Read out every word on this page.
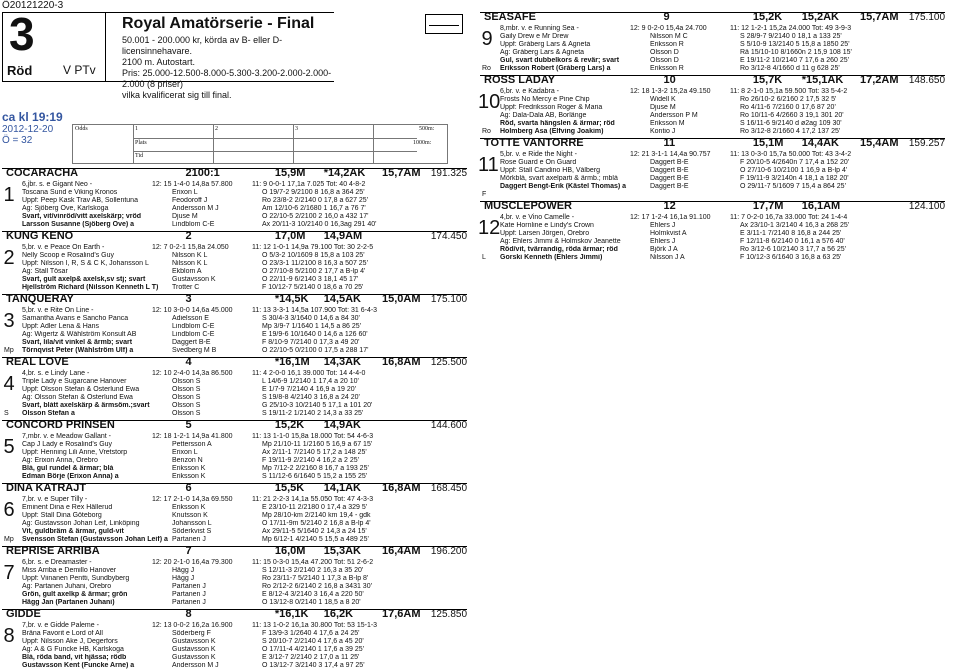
Ö20121220-3
3
Röd	V PTv
Royal Amatörserie - Final
50.001 - 200.000 kr, körda av B- eller D- licensinnehavare.
2100 m. Autostart.
Pris: 25.000-12.500-8.000-5.300-3.200-2.000-2.000-2.000 (8 priser)
vilka kvalificerat sig till final.
ca kl 19:19
2012-12-20
Ö = 32
Odds
Plats
Tid
1	2	3	500m:
1000m:
COCARACHA	2100:1	15,9M	*14,2AK	15,7AM	191.325
1	6,jbr. s. e Gigant Neo -	12: 15 1-4-0 14,8a 57.800	11: 9 0-0-1 17,1a 7.025 Tot: 40 4-8-2
Toscana Sund e Viking Kronos	Erixon L	Ö 19/7-2 9/2100 8 16,8 a 364 25'
Uppf: Peep Kask Trav AB, Sollentuna	Feodoroff J	Ro 23/8-2 2/2140 0 17,8 a 627 25'
Äg: Sjöberg Ove, Karlskoga	Andersson M J	Åm 12/10-6 2/1680 1 16,7 a 76 7'
Svart, vit/vinröd/vitt axelskärp; vröd	Djuse M	Ö 22/10-5 2/2100 2 16,0 a 432 17'
Larsson Susanne (Sjöberg Ove) a	Lindblom C-E	Ax 20/11-3 10/2140 0 16,3ag 291 40'
KUNG KENO	2	17,0M	14,9AM	174.450
2	5,br. v. e Peace On Earth -	12: 7 0-2-1 15,8a 24.050	11: 12 1-0-1 14,9a 79.100 Tot: 30 2-2-5
Nelly Scoop e Rosalind's Guy	Nilsson K L	Ö 5/3-2 10/1609 8 15,8 a 103 25'
Uppf: Nilsson I, R, S & C K, Johansson L	Nilsson K L	Ö 23/3-1 11/2100 8 16,3 a 507 25'
Äg: Stall Tösar	Ekblom A	Ö 27/10-8 5/2100 2 17,7 a B-lp 4'
Svart, gult axelp& axelsk,sv stj; svart	Gustavsson K	Ö 22/11-9 6/2140 3 18,1 45 17'
Hjellström Richard (Nilsson Kenneth L T)	Trotter C	F 10/12-7 5/2140 0 18,6 a 70 25'
TANQUERAY	3	*14,5K	14,5AK	15,0AM	175.100
3	5,br. v. e Rite On Line -	12: 10 3-0-0 14,6a 45.000	11: 13 3-3-1 14,5a 107.900 Tot: 31 6-4-3
Samantha Avans e Sancho Panca	Adielsson E	S 30/4-3 3/1640 0 14,6 a 84 30'
Uppf: Adler Lena & Hans	Lindblom C-E	Mp 3/9-7 1/1640 1 14,5 a 86 25'
Äg: Wigertz & Wåhlström Konsult AB	Lindblom C-E	E 19/9-6 10/1640 0 14,6 a 126 60'
Svart, lila/vit vinkel & ärmb; svart	Daggert B-E	F 8/10-9 7/2140 0 17,3 a 49 20'
Törnqvist Peter (Wåhlström Ulf) a	Svedberg M B	Ö 22/10-5 0/2100 0 17,5 a 288 17'
Mp
REAL LOVE	4	*16,1M	14,3AK	16,8AM	125.500
4	4,br. s. e Lindy Lane -	12: 10 2-4-0 14,3a 86.500	11: 4 2-0-0 16,1 39.000 Tot: 14 4-4-0
Triple Lady e Sugarcane Hanover	Olsson S	L 14/6-9 1/2140 1 17,4 a 20 10'
Uppf: Olsson Stefan & Österlund Ewa	Olsson S	E 1/7-9 7/2140 4 16,9 a 19 20'
Äg: Olsson Stefan & Österlund Ewa	Olsson S	S 19/8-8 4/2140 3 16,8 a 24 20'
Svart, blått axelskärp & ärmsöm.;svart	Olsson S	G 25/10-3 10/2140 5 17,1 a 101 20'
Olsson Stefan a	Olsson S	S 19/11-2 1/2140 2 14,3 a 33 25'
S
CONCORD PRINSEN	5	15,2K	14,9AK	144.600
5	7,mbr. v. e Meadow Gallant -	12: 18 1-2-1 14,9a 41.800	11: 13 1-1-0 15,8a 18.000 Tot: 54 4-6-3
Cap J Lady e Rosalind's Guy	Pettersson A	Mp 21/10-11 1/2160 5 16,9 a 67 15'
Uppf: Henning Lili Anne, Vretstorp	Erixon L	Ax 2/11-1 7/2140 5 17,2 a 148 25'
Äg: Erixon Anna, Örebro	Benzon N	F 19/11-9 2/2140 4 16,2 a 2 25'
Blå, gul rundel & ärmar; blå	Eriksson K	Mp 7/12-2 2/2160 8 16,7 a 193 25'
Edman Börje (Erixon Anna) a	Eriksson K	S 11/12-6 6/1640 5 15,2 a 155 25'
DINA KATRAJT	6	15,5K	14,1AK	16,8AM	168.450
6	7,br. v. e Super Tilly -	12: 17 2-1-0 14,3a 69.550	11: 21 2-2-3 14,1a 55.050 Tot: 47 4-3-3
Eminent Dina e Rex Hällerud	Eriksson K	E 23/10-11 2/2180 0 17,4 a 329 5'
Uppf: Stall Dina Göteborg	Knutsson K	Mp 28/10-km 2/2140 km 19,4 - gdk
Äg: Gustavsson Johan Leif, Linköping	Johansson L	Ö 17/11-9m 5/2140 2 16,8 a B-lp 4'
Vit, guldbräm & ärmar, guld-vit	Söderkvist S	Ax 29/11-5 5/1640 2 14,3 a 24 15'
Svensson Stefan (Gustavsson Johan Leif) a Partanen J	Mp 6/12-1 4/2140 5 15,5 a 489 25'
Mp
REPRISE ARRIBA	7	16,0M	15,3AK	16,4AM	196.200
7	6,br. s. e Dreamaster -	12: 20 2-1-0 16,4a 79.300	11: 15 0-3-0 15,4a 47.200 Tot: 51 2-6-2
Miss Arriba e Demillo Hanover	Hägg J	S 12/11-3 2/2140 2 16,3 a 35 20'
Uppf: Viinanen Pentti, Sundbyberg	Hägg J	Ro 23/11-7 5/2140 1 17,3 a B-lp 8'
Äg: Partanen Juhani, Örebro	Partanen J	Ro 2/12-2 6/2140 2 16,8 a 3431 30'
Grön, gult axelkp & ärmar; grön	Partanen J	E 8/12-4 3/2140 3 16,4 a 220 50'
Hägg Jan (Partanen Juhani)	Partanen J	Ö 13/12-8 0/2140 1 18,5 a 8 20'
GIDDE	8	*16,1K	16,2K	17,6AM	125.850
8	7,br. v. e Gidde Paleme -	12: 13 0-0-2 16,2a 16.900	11: 13 1-0-2 16,1a 30.800 Tot: 53 15-1-3
Bräna Favorit e Lord of All	Söderberg F	F 13/9-3 1/2640 4 17,6 a 24 25'
Uppf: Nilsson Åke J, Degerfors	Gustavsson K	S 20/10-7 2/2140 4 17,6 a 45 20'
Äg: A & G Funcke HB, Karlskoga	Gustavsson K	Ö 17/11-4 4/2140 1 17,6 a 39 25'
Blå, röda band, vit hjässa; rödb	Gustavsson K	E 3/12-7 2/2140 2 17,0 a 11 25'
Gustavsson Kent (Funcke Arne) a	Andersson M J	Ö 13/12-7 3/2140 3 17,4 a 97 25'
SEASAFE	9	15,2K	15,2AK	15,7AM	175.100
9	8,mbr. v. e Running Sea -	12: 9 0-2-0 15,4a 24.700	11: 12 1-2-1 15,2a 24.000 Tot: 49 3-9-3
Gaily Drew e Mr Drew	Nilsson M C	S 28/9-7 9/2140 0 18,1 a 133 25'
Uppf: Gråberg Lars & Agneta	Eriksson R	S 5/10-9 13/2140 5 15,8 a 1850 25'
Äg: Gråberg Lars & Agneta	Olsson D	Rä 15/10-10 8/1660n 2 15,9 108 15'
Gul, svart dubbelkors & revär; svart	Olsson D	E 19/11-2 10/2140 7 17,6 a 260 25'
Eriksson Robert (Gråberg Lars) a	Eriksson R	Ro 3/12-8 4/1660 d 11 g 628 25'
Ro
ROSS LADAY	10	15,7K	*15,1AK	17,2AM	148.650
10 6,br. v. e Kadabra -	12: 18 1-3-2 15,2a 49.150	11: 8 2-1-0 15,1a 59.500 Tot: 33 5-4-2
Frosts No Mercy e Pine Chip	Widell K	Ro 26/10-2 6/2160 2 17,5 32 5'
Uppf: Fredriksson Roger & Maria	Djuse M	Ro 4/11-6 7/2160 0 17,6 87 20'
Äg: Dala-Dala AB, Borlänge	Andersson P M	Ro 10/11-6 4/2660 3 19,1 301 20'
Röd, svarta hängslen & ärmar; röd	Eriksson M	S 16/11-6 9/2140 d ø2ag 109 30'
Holmberg Åsa (Elfving Joakim)	Kontio J	Ro 3/12-8 2/1660 4 17,2 137 25'
Ro
TOTTE VANTORRE	11	15,1M	14,4AK	15,4AM	159.257
11 5,br. v. e Ride the Night -	12: 21 3-1-1 14,4a 90.757	11: 13 0-3-0 15,7a 50.000 Tot: 43 3-4-2
Rose Guard e On Guard	Daggert B-E	F 20/10-5 4/2640n 7 17,4 a 152 20'
Uppf: Stall Candino HB, Vålberg	Daggert B-E	Ö 27/10-6 10/2100 1 16,9 a B-lp 4'
Mörkblå, svart axelparti & ärmb.; mblå	Daggert B-E	F 19/11-9 3/2140n 4 18,1 a 182 20'
Daggert Bengt-Erik (Kästel Thomas) a	Daggert B-E	Ö 29/11-7 5/1609 7 15,4 a 864 25'
F
MUSCLEPOWER	12	17,7M	16,1AM	124.100
12 4,br. v. e Vino Camelle -	12: 17 1-2-4 16,1a 91.100	11: 7 0-2-0 16,7a 33.000 Tot: 24 1-4-4
Kate Hornline e Lindy's Crown	Ehlers J	Ax 23/10-1 3/2140 4 16,3 a 268 25'
Uppf: Larsen Jörgen, Örebro	Holmkvist A	E 3/11-1 7/2140 8 16,8 a 244 25'
Äg: Ehlers Jimmi & Holmskov Jeanette	Ehlers J	F 12/11-8 6/2140 0 16,1 a 576 40'
Röd/vit, tvärrandig, röda ärmar; röd	Björk J A	Ro 3/12-6 10/2140 3 17,7 a 56 25'
Gorski Kenneth (Ehlers Jimmi)	Nilsson J A	F 10/12-3 6/1640 3 16,8 a 63 25'
L
